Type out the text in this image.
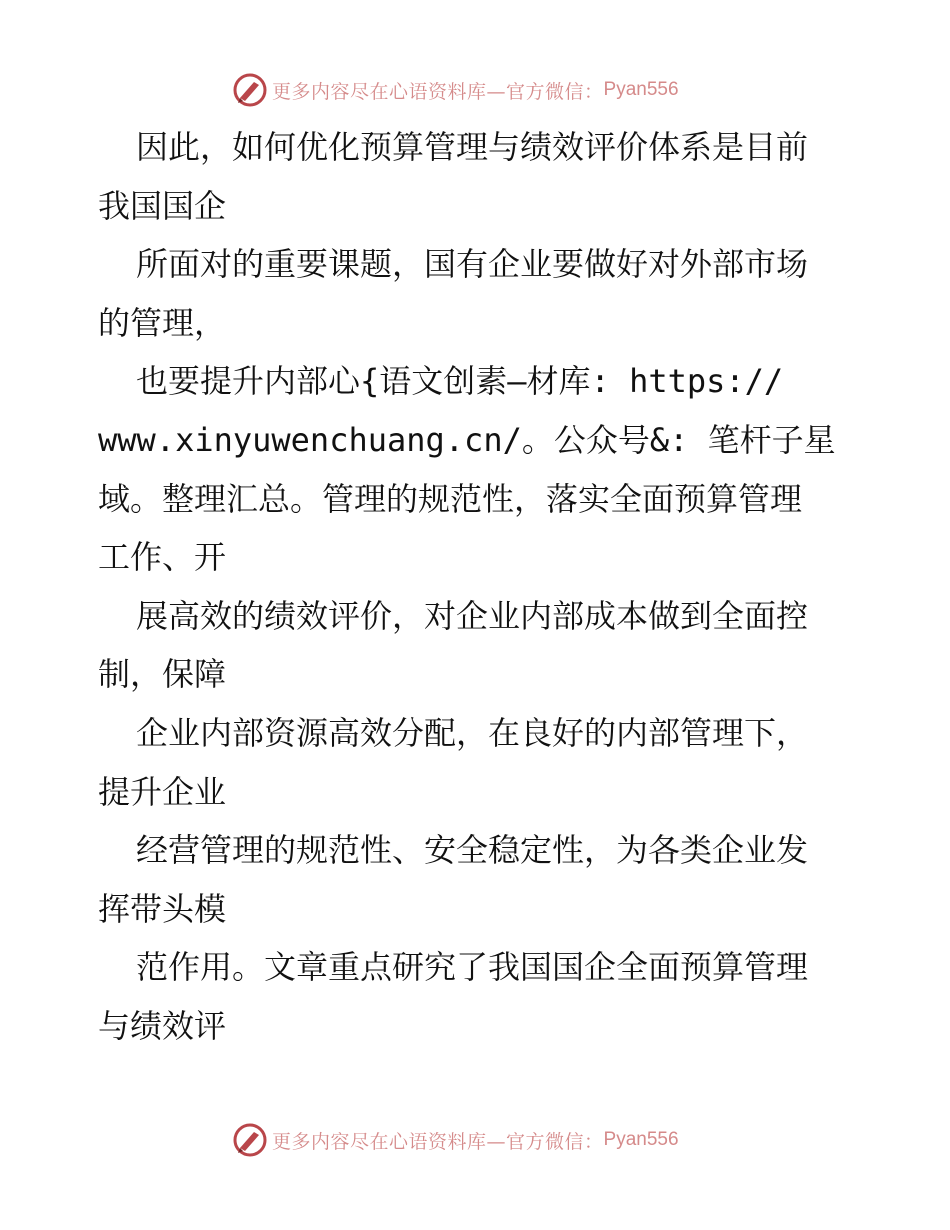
更多内容尽在心语资料库—官方微信： Pyan556
因此，如何优化预算管理与绩效评价体系是目前
我国国企
所面对的重要课题，国有企业要做好对外部市场
的管理，
也要提升内部心{语文创素—材库: https://
www.xinyuwenchuang.cn/。公众号&: 笔杆子星
域。整理汇总。管理的规范性，落实全面预算管理
工作、开
展高效的绩效评价，对企业内部成本做到全面控
制，保障
企业内部资源高效分配，在良好的内部管理下，
提升企业
经营管理的规范性、安全稳定性，为各类企业发
挥带头模
范作用。文章重点研究了我国国企全面预算管理
与绩效评
更多内容尽在心语资料库—官方微信： Pyan556
